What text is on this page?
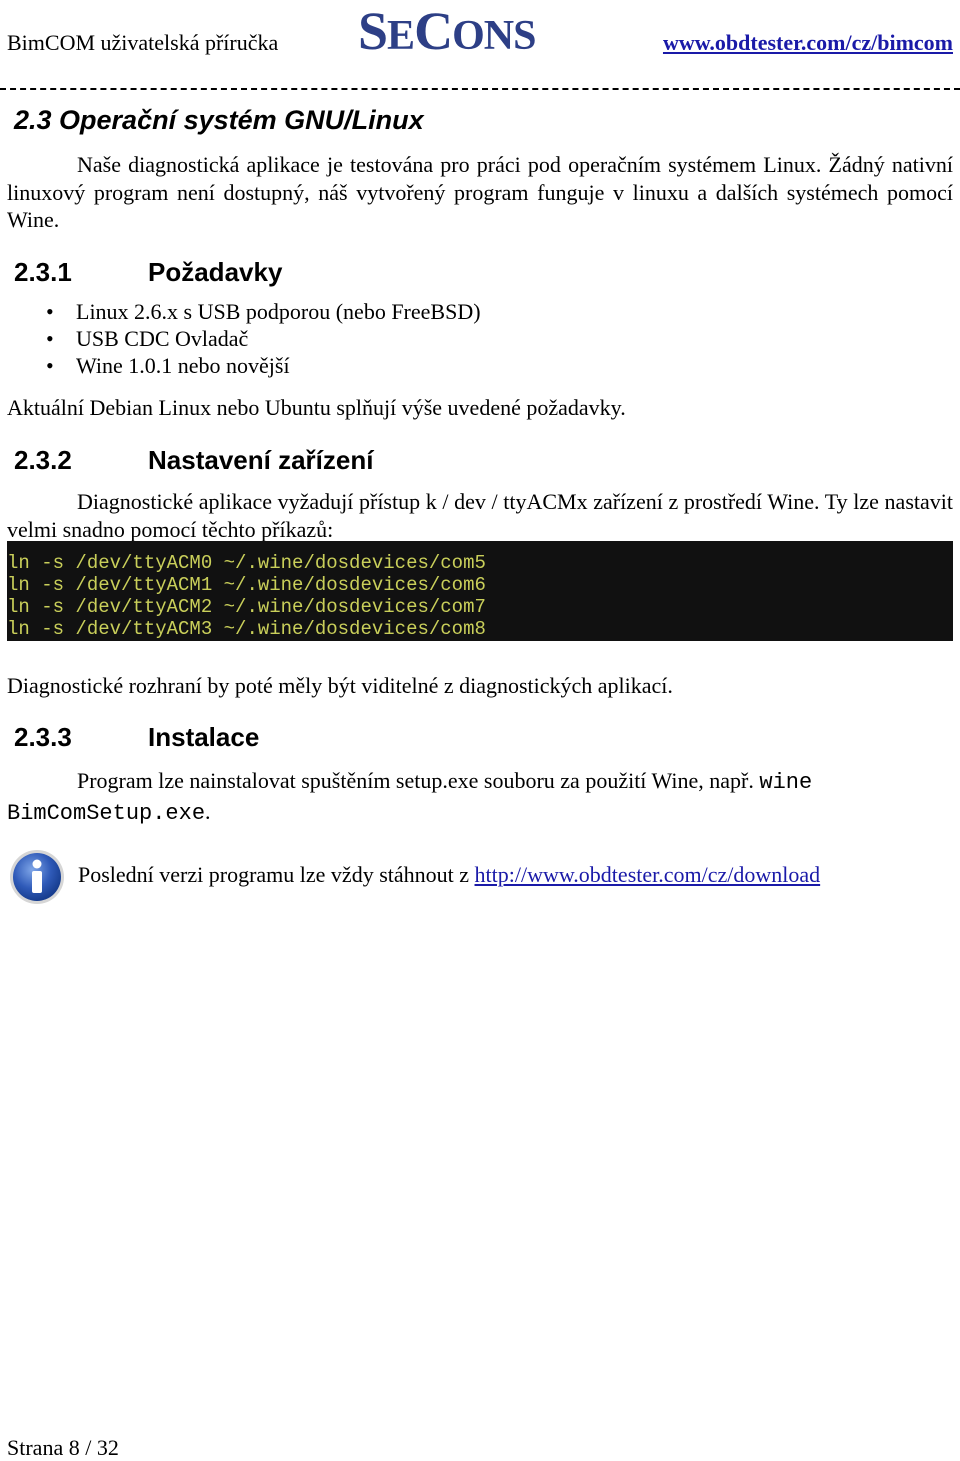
BimCOM uživatelská příručka SECONS	www.obdtester.com/cz/bimcom
2.3 Operační systém GNU/Linux
Naše diagnostická aplikace je testována pro práci pod operačním systémem Linux. Žádný nativní linuxový program není dostupný, náš vytvořený program funguje v linuxu a dalších systémech pomocí Wine.
2.3.1	Požadavky
• Linux 2.6.x s USB podporou (nebo FreeBSD)
• USB CDC Ovladač
• Wine 1.0.1 nebo novější
Aktuální Debian Linux nebo Ubuntu splňují výše uvedené požadavky.
2.3.2	Nastavení zařízení
Diagnostické aplikace vyžadují přístup k / dev / ttyACMx zařízení z prostředí Wine. Ty lze nastavit velmi snadno pomocí těchto příkazů:
ln -s /dev/ttyACM0 ~/.wine/dosdevices/com5
ln -s /dev/ttyACM1 ~/.wine/dosdevices/com6
ln -s /dev/ttyACM2 ~/.wine/dosdevices/com7
ln -s /dev/ttyACM3 ~/.wine/dosdevices/com8
Diagnostické rozhraní by poté měly být viditelné z diagnostických aplikací.
2.3.3	Instalace
Program lze nainstalovat spuštěním setup.exe souboru za použití Wine, např. wine BimComSetup.exe.
Poslední verzi programu lze vždy stáhnout z http://www.obdtester.com/cz/download
Strana 8 / 32
